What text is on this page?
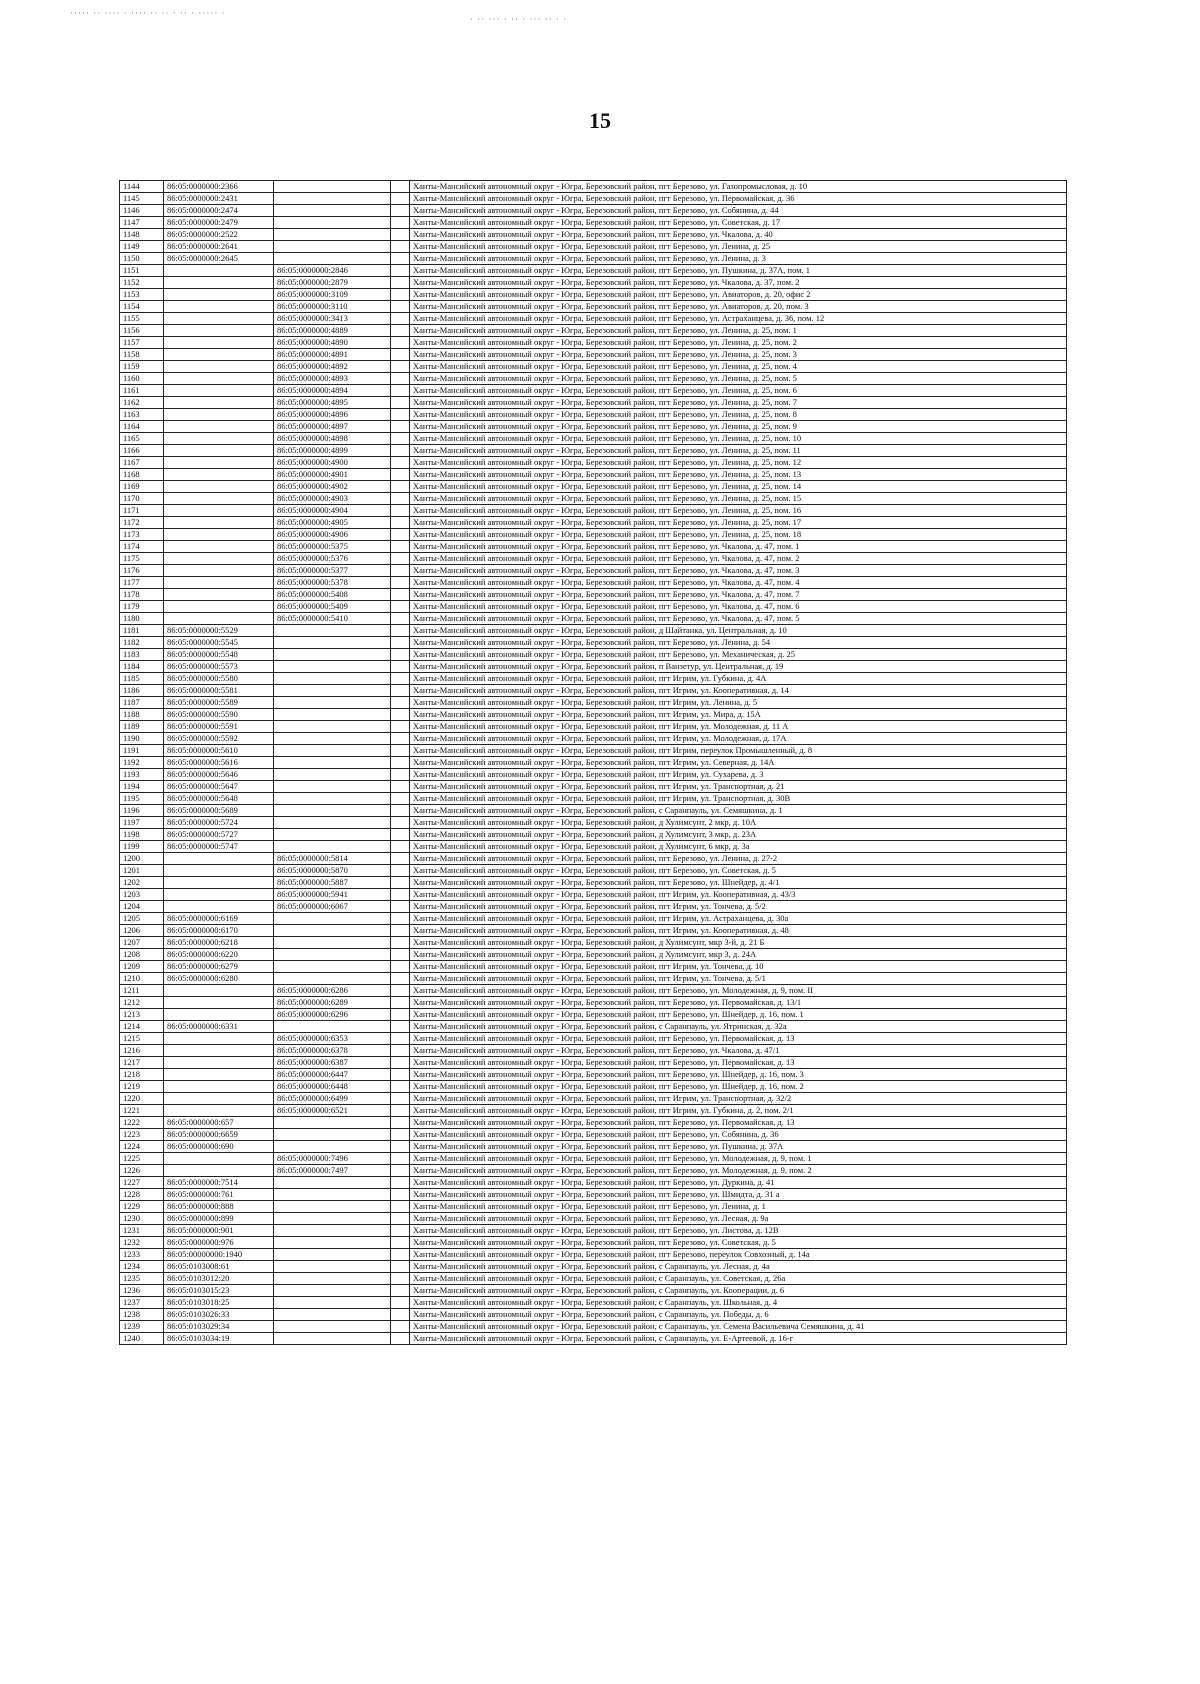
····· ·· ···· · ···· ·· ·· · ·· · ····· ·
· ·· ··· · ·· · ··· ·· · ·
15
1144	86:05:0000000:2366			Ханты-Мансийский автономный округ - Югра, Березовский район, пгт Березово, ул. Газопромысловая, д. 10
1145	86:05:0000000:2431			Ханты-Мансийский автономный округ - Югра, Березовский район, пгт Березово, ул. Первомайская, д. 36
1146	86:05:0000000:2474			Ханты-Мансийский автономный округ - Югра, Березовский район, пгт Березово, ул. Собянина, д. 44
1147	86:05:0000000:2479			Ханты-Мансийский автономный округ - Югра, Березовский район, пгт Березово, ул. Советская, д. 17
1148	86:05:0000000:2522			Ханты-Мансийский автономный округ - Югра, Березовский район, пгт Березово, ул. Чкалова, д. 40
1149	86:05:0000000:2641			Ханты-Мансийский автономный округ - Югра, Березовский район, пгт Березово, ул. Ленина, д. 25
1150	86:05:0000000:2645			Ханты-Мансийский автономный округ - Югра, Березовский район, пгт Березово, ул. Ленина, д. 3
1151		86:05:0000000:2846		Ханты-Мансийский автономный округ - Югра, Березовский район, пгт Березово, ул. Пушкина, д. 37А, пом. 1
1152		86:05:0000000:2879		Ханты-Мансийский автономный округ - Югра, Березовский район, пгт Березово, ул. Чкалова, д. 37, пом. 2
1153		86:05:0000000:3109		Ханты-Мансийский автономный округ - Югра, Березовский район, пгт Березово, ул. Авиаторов, д. 20, офис 2
1154		86:05:0000000:3110		Ханты-Мансийский автономный округ - Югра, Березовский район, пгт Березово, ул. Авиаторов, д. 20, пом. 3
1155		86:05:0000000:3413		Ханты-Мансийский автономный округ - Югра, Березовский район, пгт Березово, ул. Астраханцева, д. 36, пом. 12
1156		86:05:0000000:4889		Ханты-Мансийский автономный округ - Югра, Березовский район, пгт Березово, ул. Ленина, д. 25, пом. 1
1157		86:05:0000000:4890		Ханты-Мансийский автономный округ - Югра, Березовский район, пгт Березово, ул. Ленина, д. 25, пом. 2
1158		86:05:0000000:4891		Ханты-Мансийский автономный округ - Югра, Березовский район, пгт Березово, ул. Ленина, д. 25, пом. 3
1159		86:05:0000000:4892		Ханты-Мансийский автономный округ - Югра, Березовский район, пгт Березово, ул. Ленина, д. 25, пом. 4
1160		86:05:0000000:4893		Ханты-Мансийский автономный округ - Югра, Березовский район, пгт Березово, ул. Ленина, д. 25, пом. 5
1161		86:05:0000000:4894		Ханты-Мансийский автономный округ - Югра, Березовский район, пгт Березово, ул. Ленина, д. 25, пом. 6
1162		86:05:0000000:4895		Ханты-Мансийский автономный округ - Югра, Березовский район, пгт Березово, ул. Ленина, д. 25, пом. 7
1163		86:05:0000000:4896		Ханты-Мансийский автономный округ - Югра, Березовский район, пгт Березово, ул. Ленина, д. 25, пом. 8
1164		86:05:0000000:4897		Ханты-Мансийский автономный округ - Югра, Березовский район, пгт Березово, ул. Ленина, д. 25, пом. 9
1165		86:05:0000000:4898		Ханты-Мансийский автономный округ - Югра, Березовский район, пгт Березово, ул. Ленина, д. 25, пом. 10
1166		86:05:0000000:4899		Ханты-Мансийский автономный округ - Югра, Березовский район, пгт Березово, ул. Ленина, д. 25, пом. 11
1167		86:05:0000000:4900		Ханты-Мансийский автономный округ - Югра, Березовский район, пгт Березово, ул. Ленина, д. 25, пом. 12
1168		86:05:0000000:4901		Ханты-Мансийский автономный округ - Югра, Березовский район, пгт Березово, ул. Ленина, д. 25, пом. 13
1169		86:05:0000000:4902		Ханты-Мансийский автономный округ - Югра, Березовский район, пгт Березово, ул. Ленина, д. 25, пом. 14
1170		86:05:0000000:4903		Ханты-Мансийский автономный округ - Югра, Березовский район, пгт Березово, ул. Ленина, д. 25, пом. 15
1171		86:05:0000000:4904		Ханты-Мансийский автономный округ - Югра, Березовский район, пгт Березово, ул. Ленина, д. 25, пом. 16
1172		86:05:0000000:4905		Ханты-Мансийский автономный округ - Югра, Березовский район, пгт Березово, ул. Ленина, д. 25, пом. 17
1173		86:05:0000000:4906		Ханты-Мансийский автономный округ - Югра, Березовский район, пгт Березово, ул. Ленина, д. 25, пом. 18
1174		86:05:0000000:5375		Ханты-Мансийский автономный округ - Югра, Березовский район, пгт Березово, ул. Чкалова, д. 47, пом. 1
1175		86:05:0000000:5376		Ханты-Мансийский автономный округ - Югра, Березовский район, пгт Березово, ул. Чкалова, д. 47, пом. 2
1176		86:05:0000000:5377		Ханты-Мансийский автономный округ - Югра, Березовский район, пгт Березово, ул. Чкалова, д. 47, пом. 3
1177		86:05:0000000:5378		Ханты-Мансийский автономный округ - Югра, Березовский район, пгт Березово, ул. Чкалова, д. 47, пом. 4
1178		86:05:0000000:5408		Ханты-Мансийский автономный округ - Югра, Березовский район, пгт Березово, ул. Чкалова, д. 47, пом. 7
1179		86:05:0000000:5409		Ханты-Мансийский автономный округ - Югра, Березовский район, пгт Березово, ул. Чкалова, д. 47, пом. 6
1180		86:05:0000000:5410		Ханты-Мансийский автономный округ - Югра, Березовский район, пгт Березово, ул. Чкалова, д. 47, пом. 5
1181	86:05:0000000:5529			Ханты-Мансийский автономный округ - Югра, Березовский район, д Шайтанка, ул. Центральная, д. 10
1182	86:05:0000000:5545			Ханты-Мансийский автономный округ - Югра, Березовский район, пгт Березово, ул. Ленина, д. 54
1183	86:05:0000000:5548			Ханты-Мансийский автономный округ - Югра, Березовский район, пгт Березово, ул. Механическая, д. 25
1184	86:05:0000000:5573			Ханты-Мансийский автономный округ - Югра, Березовский район, п Ванзетур, ул. Центральная, д. 19
1185	86:05:0000000:5580			Ханты-Мансийский автономный округ - Югра, Березовский район, пгт Игрим, ул. Губкина, д. 4А
1186	86:05:0000000:5581			Ханты-Мансийский автономный округ - Югра, Березовский район, пгт Игрим, ул. Кооперативная, д. 14
1187	86:05:0000000:5589			Ханты-Мансийский автономный округ - Югра, Березовский район, пгт Игрим, ул. Ленина, д. 5
1188	86:05:0000000:5590			Ханты-Мансийский автономный округ - Югра, Березовский район, пгт Игрим, ул. Мира, д. 15А
1189	86:05:0000000:5591			Ханты-Мансийский автономный округ - Югра, Березовский район, пгт Игрим, ул. Молодежная, д. 11 А
1190	86:05:0000000:5592			Ханты-Мансийский автономный округ - Югра, Березовский район, пгт Игрим, ул. Молодежная, д. 17А
1191	86:05:0000000:5610			Ханты-Мансийский автономный округ - Югра, Березовский район, пгт Игрим, переулок Промышленный, д. 8
1192	86:05:0000000:5616			Ханты-Мансийский автономный округ - Югра, Березовский район, пгт Игрим, ул. Северная, д. 14А
1193	86:05:0000000:5646			Ханты-Мансийский автономный округ - Югра, Березовский район, пгт Игрим, ул. Сухарева, д. 3
1194	86:05:0000000:5647			Ханты-Мансийский автономный округ - Югра, Березовский район, пгт Игрим, ул. Транспортная, д. 21
1195	86:05:0000000:5648			Ханты-Мансийский автономный округ - Югра, Березовский район, пгт Игрим, ул. Транспортная, д. 30В
1196	86:05:0000000:5689			Ханты-Мансийский автономный округ - Югра, Березовский район, с Саранпауль, ул. Семяшкина, д. 1
1197	86:05:0000000:5724			Ханты-Мансийский автономный округ - Югра, Березовский район, д Хулимсунт, 2 мкр, д. 10А
1198	86:05:0000000:5727			Ханты-Мансийский автономный округ - Югра, Березовский район, д Хулимсунт, 3 мкр, д. 23А
1199	86:05:0000000:5747			Ханты-Мансийский автономный округ - Югра, Березовский район, д Хулимсунт, 6 мкр, д. 3а
1200		86:05:0000000:5814		Ханты-Мансийский автономный округ - Югра, Березовский район, пгт Березово, ул. Ленина, д. 27-2
1201		86:05:0000000:5870		Ханты-Мансийский автономный округ - Югра, Березовский район, пгт Березово, ул. Советская, д. 5
1202		86:05:0000000:5887		Ханты-Мансийский автономный округ - Югра, Березовский район, пгт Березово, ул. Шнейдер, д. 4/1
1203		86:05:0000000:5941		Ханты-Мансийский автономный округ - Югра, Березовский район, пгт Игрим, ул. Кооперативная, д. 43/3
1204		86:05:0000000:6067		Ханты-Мансийский автономный округ - Югра, Березовский район, пгт Игрим, ул. Тончева, д. 5/2
1205	86:05:0000000:6169			Ханты-Мансийский автономный округ - Югра, Березовский район, пгт Игрим, ул. Астраханцева, д. 30а
1206	86:05:0000000:6170			Ханты-Мансийский автономный округ - Югра, Березовский район, пгт Игрим, ул. Кооперативная, д. 48
1207	86:05:0000000:6218			Ханты-Мансийский автономный округ - Югра, Березовский район, д Хулимсунт, мкр 3-й, д. 21 Б
1208	86:05:0000000:6220			Ханты-Мансийский автономный округ - Югра, Березовский район, д Хулимсунт, мкр 3, д. 24А
1209	86:05:0000000:6279			Ханты-Мансийский автономный округ - Югра, Березовский район, пгт Игрим, ул. Тончева, д. 10
1210	86:05:0000000:6280			Ханты-Мансийский автономный округ - Югра, Березовский район, пгт Игрим, ул. Тончева, д. 5/1
1211		86:05:0000000:6286		Ханты-Мансийский автономный округ - Югра, Березовский район, пгт Березово, ул. Молодежная, д. 9, пом. II
1212		86:05:0000000:6289		Ханты-Мансийский автономный округ - Югра, Березовский район, пгт Березово, ул. Первомайская, д. 13/1
1213		86:05:0000000:6296		Ханты-Мансийский автономный округ - Югра, Березовский район, пгт Березово, ул. Шнейдер, д. 16, пом. 1
1214	86:05:0000000:6331			Ханты-Мансийский автономный округ - Югра, Березовский район, с Саранпауль, ул. Ятринская, д. 32а
1215		86:05:0000000:6353		Ханты-Мансийский автономный округ - Югра, Березовский район, пгт Березово, ул. Первомайская, д. 13
1216		86:05:0000000:6378		Ханты-Мансийский автономный округ - Югра, Березовский район, пгт Березово, ул. Чкалова, д. 47/1
1217		86:05:0000000:6387		Ханты-Мансийский автономный округ - Югра, Березовский район, пгт Березово, ул. Первомайская, д. 13
1218		86:05:0000000:6447		Ханты-Мансийский автономный округ - Югра, Березовский район, пгт Березово, ул. Шнейдер, д. 16, пом. 3
1219		86:05:0000000:6448		Ханты-Мансийский автономный округ - Югра, Березовский район, пгт Березово, ул. Шнейдер, д. 16, пом. 2
1220		86:05:0000000:6499		Ханты-Мансийский автономный округ - Югра, Березовский район, пгт Игрим, ул. Транспортная, д. 32/2
1221		86:05:0000000:6521		Ханты-Мансийский автономный округ - Югра, Березовский район, пгт Игрим, ул. Губкина, д. 2, пом. 2/1
1222	86:05:0000000:657			Ханты-Мансийский автономный округ - Югра, Березовский район, пгт Березово, ул. Первомайская, д. 13
1223	86:05:0000000:6659			Ханты-Мансийский автономный округ - Югра, Березовский район, пгт Березово, ул. Собянина, д. 36
1224	86:05:0000000:690			Ханты-Мансийский автономный округ - Югра, Березовский район, пгт Березово, ул. Пушкина, д. 37А
1225		86:05:0000000:7496		Ханты-Мансийский автономный округ - Югра, Березовский район, пгт Березово, ул. Молодежная, д. 9, пом. 1
1226		86:05:0000000:7497		Ханты-Мансийский автономный округ - Югра, Березовский район, пгт Березово, ул. Молодежная, д. 9, пом. 2
1227	86:05:0000000:7514			Ханты-Мансийский автономный округ - Югра, Березовский район, пгт Березово, ул. Дуркина, д. 41
1228	86:05:0000000:761			Ханты-Мансийский автономный округ - Югра, Березовский район, пгт Березово, ул. Шмидта, д. 31 а
1229	86:05:0000000:888			Ханты-Мансийский автономный округ - Югра, Березовский район, пгт Березово, ул. Ленина, д. 1
1230	86:05:0000000:899			Ханты-Мансийский автономный округ - Югра, Березовский район, пгт Березово, ул. Лесная, д. 9а
1231	86:05:0000000:901			Ханты-Мансийский автономный округ - Югра, Березовский район, пгт Березово, ул. Листова, д. 12В
1232	86:05:0000000:976			Ханты-Мансийский автономный округ - Югра, Березовский район, пгт Березово, ул. Советская, д. 5
1233	86:05:00000000:1940			Ханты-Мансийский автономный округ - Югра, Березовский район, пгт Березово, переулок Совхозный, д. 14а
1234	86:05:0103008:61			Ханты-Мансийский автономный округ - Югра, Березовский район, с Саранпауль, ул. Лесная, д. 4а
1235	86:05:0103012:20			Ханты-Мансийский автономный округ - Югра, Березовский район, с Саранпауль, ул. Советская, д. 26а
1236	86:05:0103015:23			Ханты-Мансийский автономный округ - Югра, Березовский район, с Саранпауль, ул. Кооперации, д. 6
1237	86:05:0103018:25			Ханты-Мансийский автономный округ - Югра, Березовский район, с Саранпауль, ул. Школьная, д. 4
1238	86:05:0103026:33			Ханты-Мансийский автономный округ - Югра, Березовский район, с Саранпауль, ул. Победы, д. 6
1239	86:05:0103029:34			Ханты-Мансийский автономный округ - Югра, Березовский район, с Саранпауль, ул. Семена Васильевича Семяшкина, д. 41
1240	86:05:0103034:19			Ханты-Мансийский автономный округ - Югра, Березовский район, с Саранпауль, ул. Е-Артеевой, д. 16-г
